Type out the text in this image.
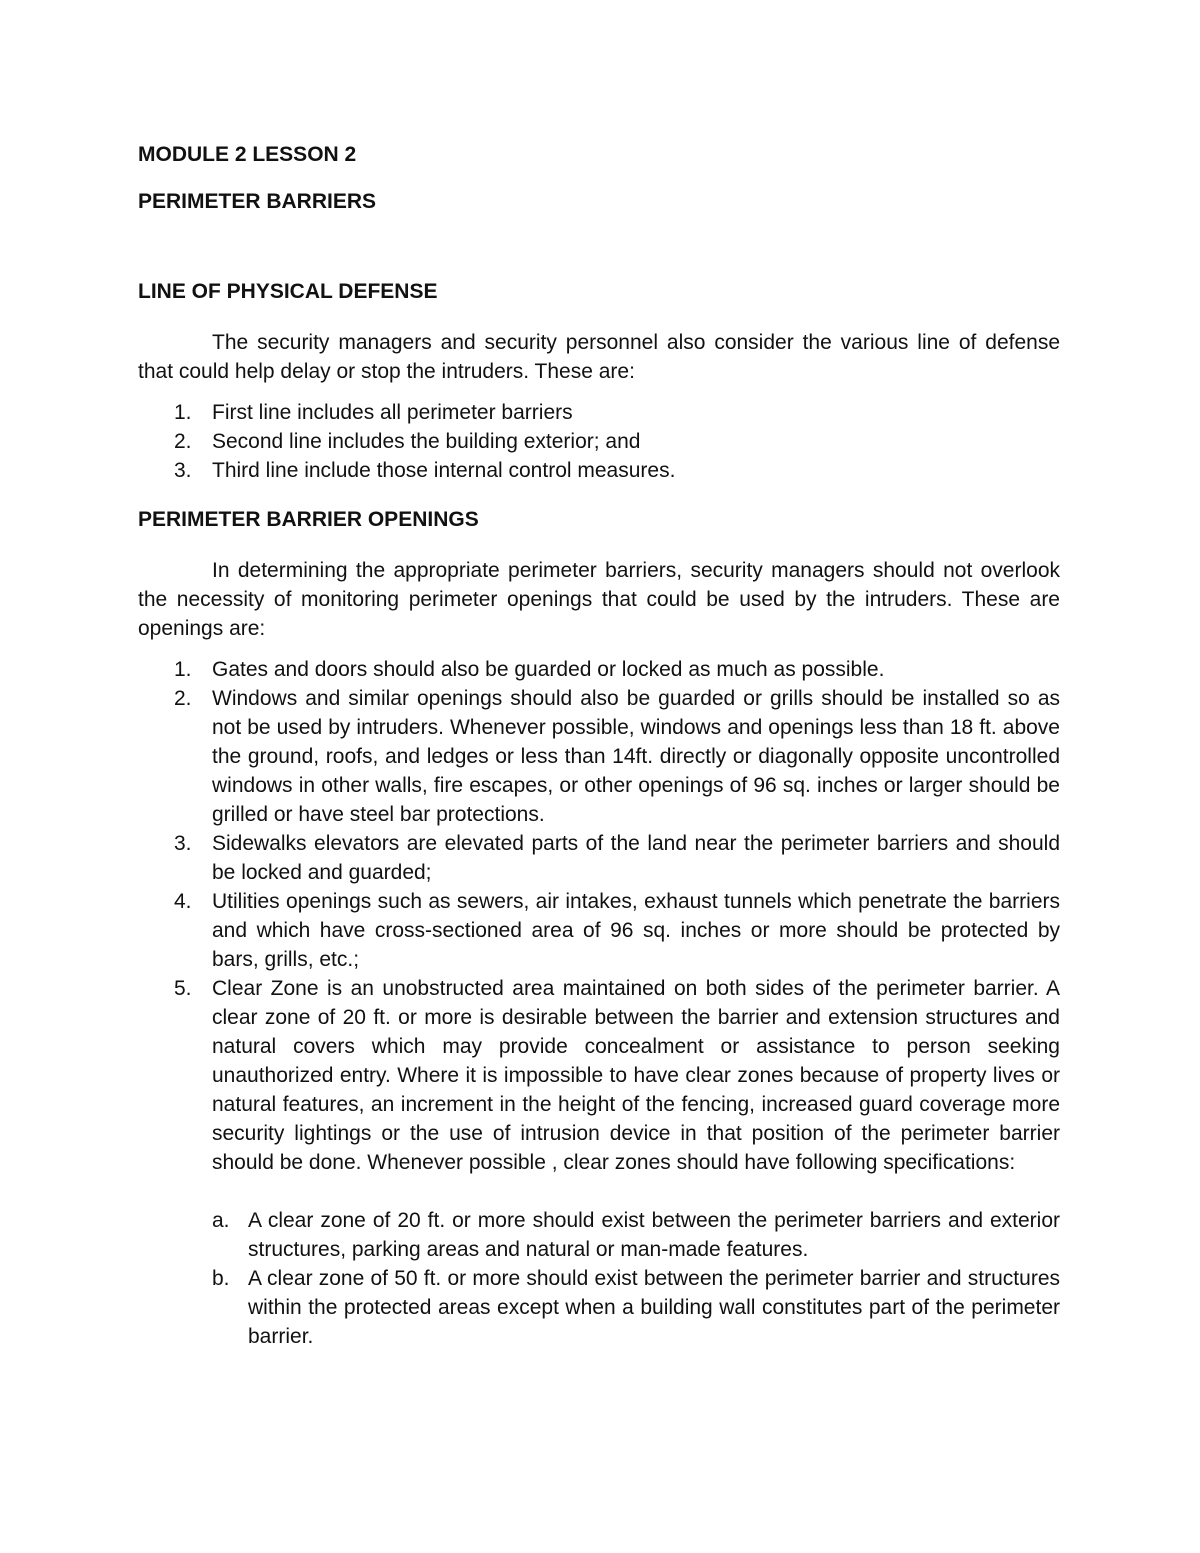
MODULE 2 LESSON 2

PERIMETER BARRIERS

LINE OF PHYSICAL DEFENSE

The security managers and security personnel also consider the various line of defense that could help delay or stop the intruders. These are:

1. First line includes all perimeter barriers
2. Second line includes the building exterior; and
3. Third line include those internal control measures.

PERIMETER BARRIER OPENINGS

In determining the appropriate perimeter barriers, security managers should not overlook the necessity of monitoring perimeter openings that could be used by the intruders. These are openings are:

1. Gates and doors should also be guarded or locked as much as possible.
2. Windows and similar openings should also be guarded or grills should be installed so as not be used by intruders. Whenever possible, windows and openings less than 18 ft. above the ground, roofs, and ledges or less than 14ft. directly or diagonally opposite uncontrolled windows in other walls, fire escapes, or other openings of 96 sq. inches or larger should be grilled or have steel bar protections.
3. Sidewalks elevators are elevated parts of the land near the perimeter barriers and should be locked and guarded;
4. Utilities openings such as sewers, air intakes, exhaust tunnels which penetrate the barriers and which have cross-sectioned area of 96 sq. inches or more should be protected by bars, grills, etc.;
5. Clear Zone is an unobstructed area maintained on both sides of the perimeter barrier. A clear zone of 20 ft. or more is desirable between the barrier and extension structures and natural covers which may provide concealment or assistance to person seeking unauthorized entry. Where it is impossible to have clear zones because of property lives or natural features, an increment in the height of the fencing, increased guard coverage more security lightings or the use of intrusion device in that position of the perimeter barrier should be done. Whenever possible , clear zones should have following specifications:
a. A clear zone of 20 ft. or more should exist between the perimeter barriers and exterior structures, parking areas and natural or man-made features.
b. A clear zone of 50 ft. or more should exist between the perimeter barrier and structures within the protected areas except when a building wall constitutes part of the perimeter barrier.
